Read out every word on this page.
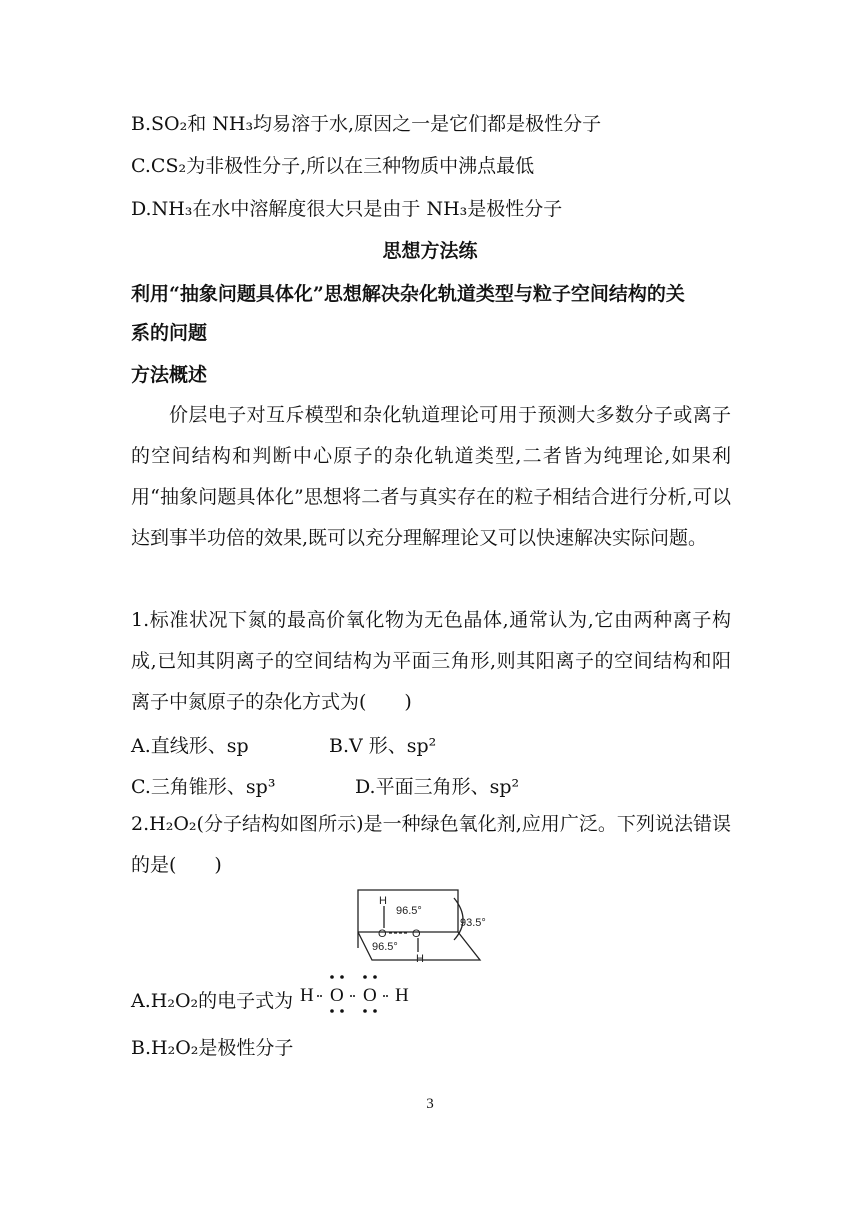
B.SO₂和 NH₃均易溶于水,原因之一是它们都是极性分子
C.CS₂为非极性分子,所以在三种物质中沸点最低
D.NH₃在水中溶解度很大只是由于 NH₃是极性分子
思想方法练
利用“抽象问题具体化”思想解决杂化轨道类型与粒子空间结构的关
系的问题
方法概述
价层电子对互斥模型和杂化轨道理论可用于预测大多数分子或离子的空间结构和判断中心原子的杂化轨道类型,二者皆为纯理论,如果利用“抽象问题具体化”思想将二者与真实存在的粒子相结合进行分析,可以达到事半功倍的效果,既可以充分理解理论又可以快速解决实际问题。
1.标准状况下氮的最高价氧化物为无色晶体,通常认为,它由两种离子构成,已知其阴离子的空间结构为平面三角形,则其阳离子的空间结构和阳离子中氮原子的杂化方式为(　　)
A.直线形、sp	B.V 形、sp²
C.三角锥形、sp³	D.平面三角形、sp²
2.H₂O₂(分子结构如图所示)是一种绿色氧化剂,应用广泛。下列说法错误的是(　　)
H
96.5°
O O
96.5°
H
93.5°
A.H₂O₂的电子式为 H O O H
B.H₂O₂是极性分子
3
